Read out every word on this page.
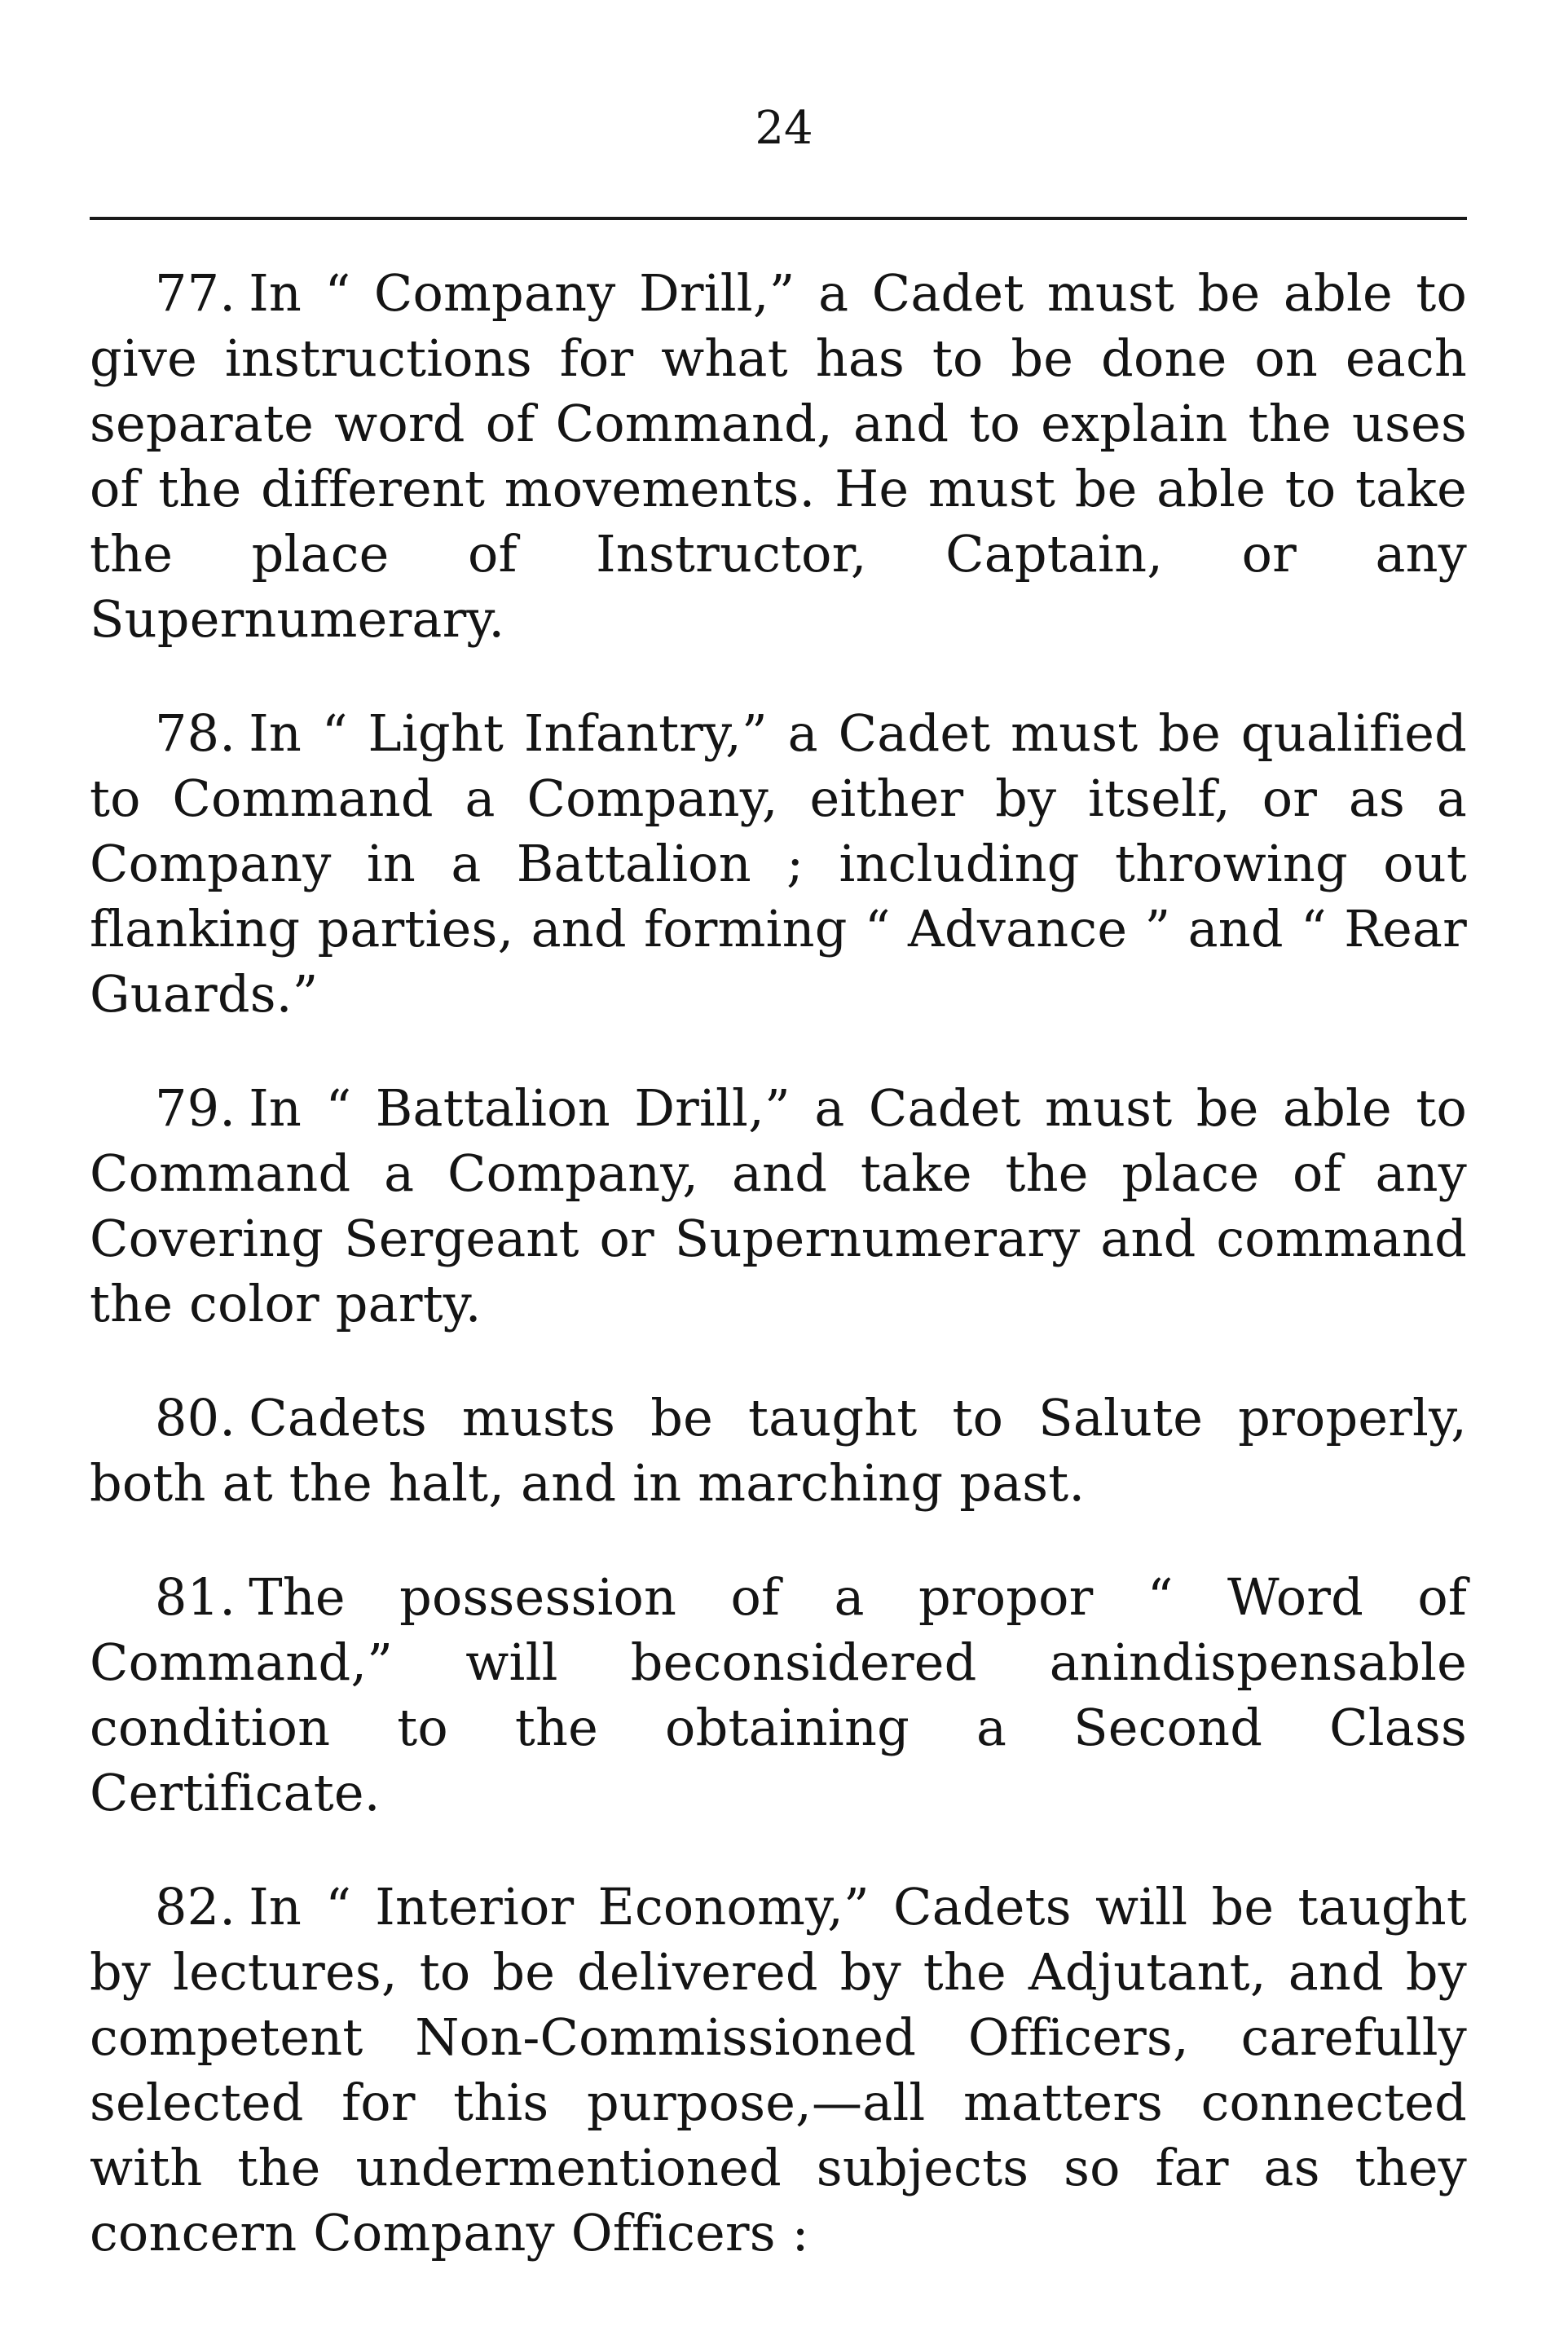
24

77. In “ Company Drill,” a Cadet must be able to give instructions for what has to be done on each separate word of Command, and to explain the uses of the different movements. He must be able to take the place of Instructor, Captain, or any Supernumerary.

78. In “ Light Infantry,” a Cadet must be qualified to Command a Company, either by itself, or as a Company in a Battalion ; including throwing out flanking parties, and forming “ Advance ” and “ Rear Guards.”

79. In “ Battalion Drill,” a Cadet must be able to Command a Company, and take the place of any Covering Sergeant or Supernumerary and command the color party.

80. Cadets musts be taught to Salute properly, both at the halt, and in marching past.

81. The possession of a propor “ Word of Command,” will beconsidered anindispensable condition to the obtaining a Second Class Certificate.

82. In “ Interior Economy,” Cadets will be taught by lectures, to be delivered by the Adjutant, and by competent Non-Commissioned Officers, carefully selected for this purpose,—all matters connected with the undermentioned subjects so far as they concern Company Officers :
